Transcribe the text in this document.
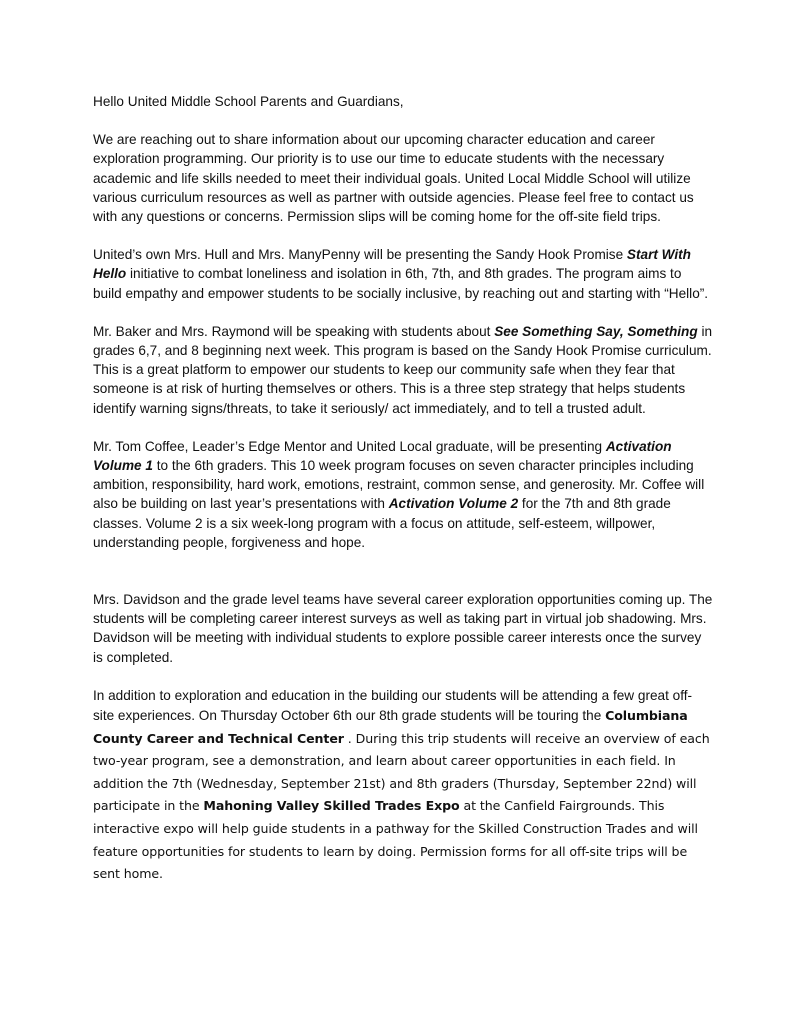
Hello United Middle School Parents and Guardians,

We are reaching out to share information about our upcoming character education and career exploration programming. Our priority is to use our time to educate students with the necessary academic and life skills needed to meet their individual goals. United Local Middle School will utilize various curriculum resources as well as partner with outside agencies. Please feel free to contact us with any questions or concerns. Permission slips will be coming home for the off-site field trips.

United’s own Mrs. Hull and Mrs. ManyPenny will be presenting the Sandy Hook Promise Start With Hello initiative to combat loneliness and isolation in 6th, 7th, and 8th grades. The program aims to build empathy and empower students to be socially inclusive, by reaching out and starting with “Hello”.

Mr. Baker and Mrs. Raymond will be speaking with students about See Something Say, Something in grades 6,7, and 8 beginning next week. This program is based on the Sandy Hook Promise curriculum. This is a great platform to empower our students to keep our community safe when they fear that someone is at risk of hurting themselves or others. This is a three step strategy that helps students identify warning signs/threats, to take it seriously/ act immediately, and to tell a trusted adult.

Mr. Tom Coffee, Leader’s Edge Mentor and United Local graduate, will be presenting Activation Volume 1 to the 6th graders. This 10 week program focuses on seven character principles including ambition, responsibility, hard work, emotions, restraint, common sense, and generosity. Mr. Coffee will also be building on last year’s presentations with Activation Volume 2 for the 7th and 8th grade classes. Volume 2 is a six week-long program with a focus on attitude, self-esteem, willpower, understanding people, forgiveness and hope.

Mrs. Davidson and the grade level teams have several career exploration opportunities coming up. The students will be completing career interest surveys as well as taking part in virtual job shadowing. Mrs. Davidson will be meeting with individual students to explore possible career interests once the survey is completed.

In addition to exploration and education in the building our students will be attending a few great off-site experiences. On Thursday October 6th our 8th grade students will be touring the Columbiana County Career and Technical Center . During this trip students will receive an overview of each two-year program, see a demonstration, and learn about career opportunities in each field. In addition the 7th (Wednesday, September 21st) and 8th graders (Thursday, September 22nd) will participate in the Mahoning Valley Skilled Trades Expo at the Canfield Fairgrounds. This interactive expo will help guide students in a pathway for the Skilled Construction Trades and will feature opportunities for students to learn by doing. Permission forms for all off-site trips will be sent home.
